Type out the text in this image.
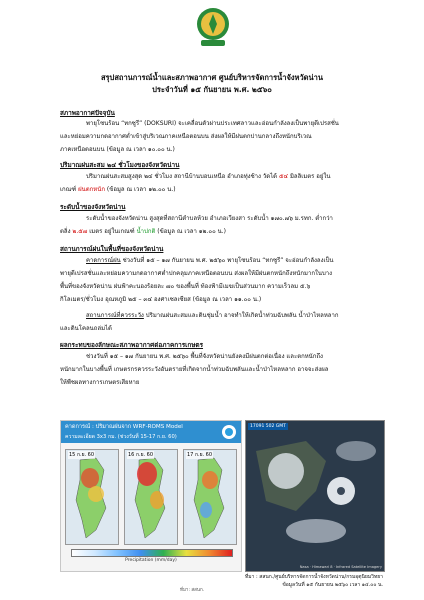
สรุปสถานการณ์น้ำและสภาพอากาศ ศูนย์บริหารจัดการน้ำจังหวัดน่าน
ประจำวันที่ ๑๕ กันยายน พ.ศ. ๒๕๖๐
สภาพอากาศปัจจุบัน
พายุโซนร้อน “ทกซูรี” (DOKSURI) จะเคลื่อนตัวผ่านประเทศลาวและอ่อนกำลังลงเป็นพายุดีเปรสชั่น
และหย่อมความกดอากาศต่ำเข้าสู่บริเวณภาคเหนือตอนบน ส่งผลให้มีฝนตกปานกลางถึงหนักบริเวณ
ภาคเหนือตอนบน (ข้อมูล ณ เวลา ๑๐.๐๐ น.)
ปริมาณฝนสะสม ๒๔ ชั่วโมงของจังหวัดน่าน
ปริมาณฝนสะสมสูงสุด ๒๔ ชั่วโมง สถานีบ้านบอนเหนือ อำเภอทุ่งช้าง วัดได้ ๕๔ มิลลิเมตร อยู่ใน
เกณฑ์ ฝนตกหนัก (ข้อมูล ณ เวลา ๑๒.๐๐ น.)
ระดับน้ำของจังหวัดน่าน
ระดับน้ำของจังหวัดน่าน สูงสุดที่สถานีตำบลห้วย อำเภอเวียงสา ระดับน้ำ ๑๗๐.๗๖ ม.รทก. ต่ำกว่า
ตลิ่ง ๒.๕๗ เมตร อยู่ในเกณฑ์ น้ำปกติ (ข้อมูล ณ เวลา ๑๒.๐๐ น.)
สถานการณ์ฝนในพื้นที่ของจังหวัดน่าน
คาดการณ์ฝน ช่วงวันที่ ๑๕ – ๑๗ กันยายน พ.ศ. ๒๕๖๐ พายุโซนร้อน “ทกซูรี” จะอ่อนกำลังลงเป็น
พายุดีเปรสชั่นและหย่อมความกดอากาศต่ำปกคลุมภาคเหนือตอนบน ส่งผลให้มีฝนตกหนักถึงหนักมากในบาง
พื้นที่ของจังหวัดน่าน ฝนฟ้าคะนองร้อยละ ๗๐ ของพื้นที่ ท้องฟ้ามีเมฆเป็นส่วนมาก ความเร็วลม ๕.๖
กิโลเมตร/ชั่วโมง อุณหภูมิ ๒๕ – ๓๔ องศาเซลเซียส (ข้อมูล ณ เวลา ๑๑.๐๐ น.)
สถานการณ์ที่ควรระวัง ปริมาณฝนสะสมและดินชุ่มน้ำ อาจทำให้เกิดน้ำท่วมฉับพลัน น้ำป่าไหลหลาก
และดินโคลนถล่มได้
ผลกระทบของลักษณะสภาพอากาศต่อภาคการเกษตร
ช่วงวันที่ ๑๕ – ๑๗ กันยายน พ.ศ. ๒๕๖๐ พื้นที่จังหวัดน่านยังคงมีฝนตกต่อเนื่อง และตกหนักถึง
หนักมากในบางพื้นที่ เกษตรกรควรระวังอันตรายที่เกิดจากน้ำท่วมฉับพลันและน้ำป่าไหลหลาก อาจจะส่งผล
ให้พืชผลทางการเกษตรเสียหาย
คาดการณ์ : ปริมาณฝนจาก WRF-ROMS Model
ความละเอียด 3x3 กม. (ช่วงวันที่ 15-17 ก.ย. 60)
15 ก.ย. 60	16 ก.ย. 60	17 ก.ย. 60
Precipitation (mm/day)
17091 502 GMT
Nasa · Himawari 8 · Infrared Satellite Imagery
ที่มา : สสนก./ศูนย์บริหารจัดการน้ำจังหวัดน่าน/กรมอุตุนิยมวิทยา
ข้อมูลวันที่ ๑๕ กันยายน ๒๕๖๐ เวลา ๑๔.๐๐ น.
ที่มา: สสนก.
